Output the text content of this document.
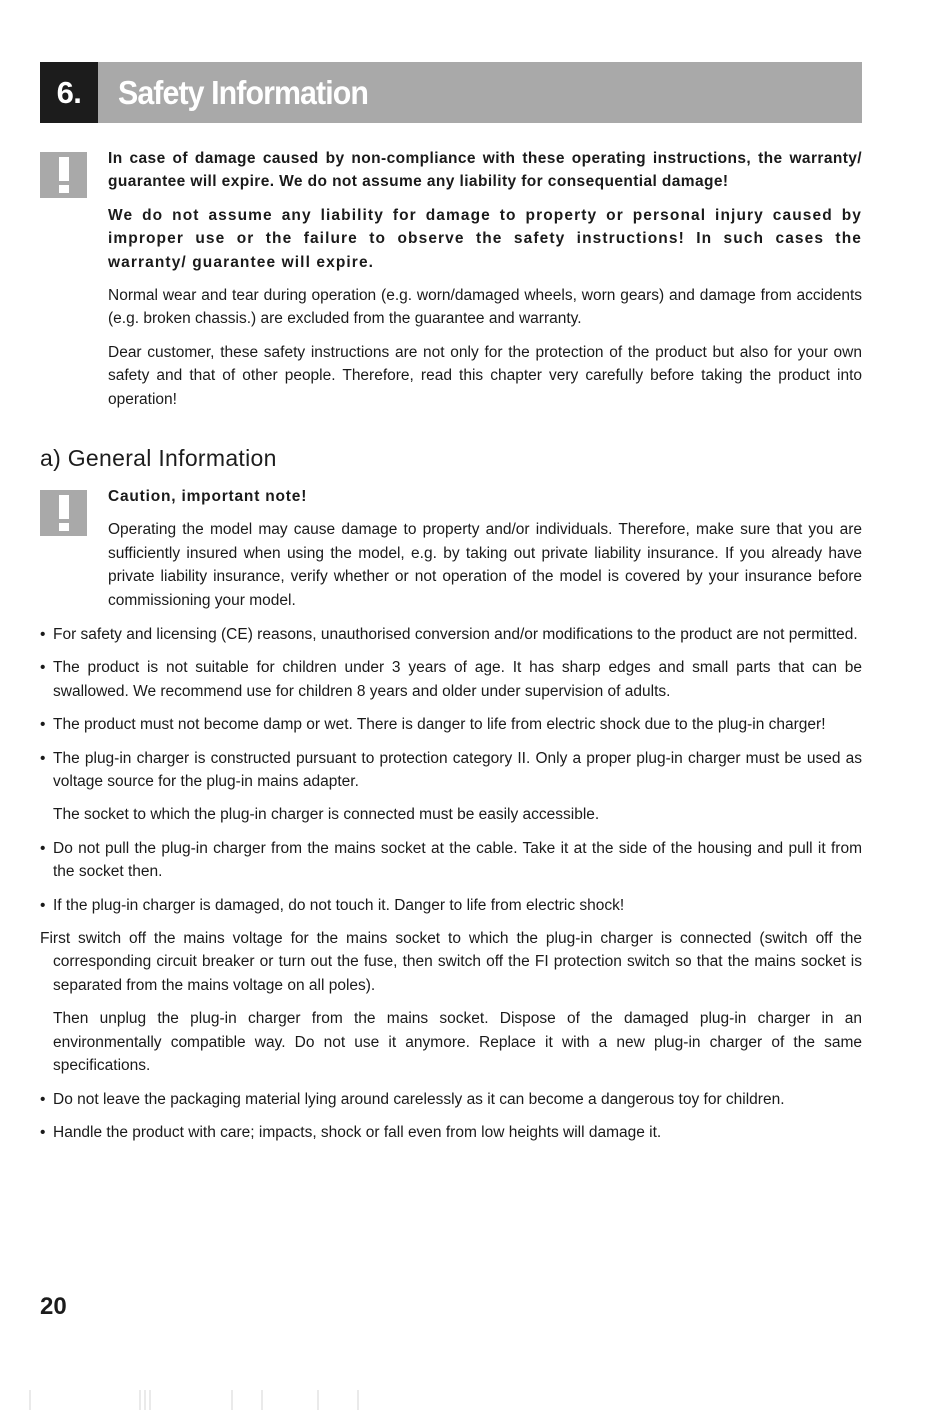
6.	Safety Information

In case of damage caused by non-compliance with these operating instructions, the warranty/ guarantee will expire. We do not assume any liability for consequential damage!

We do not assume any liability for damage to property or personal injury caused by improper use or the failure to observe the safety instructions! In such cases the warranty/ guarantee will expire.

Normal wear and tear during operation (e.g. worn/damaged wheels, worn gears) and damage from accidents (e.g. broken chassis.) are excluded from the guarantee and warranty.

Dear customer, these safety instructions are not only for the protection of the product but also for your own safety and that of other people. Therefore, read this chapter very carefully before taking the product into operation!

a) General Information

Caution, important note!

Operating the model may cause damage to property and/or individuals. Therefore, make sure that you are sufficiently insured when using the model, e.g. by taking out private liability insurance. If you already have private liability insurance, verify whether or not operation of the model is covered by your insurance before commissioning your model.

• For safety and licensing (CE) reasons, unauthorised conversion and/or modifications to the product are not permitted.
• The product is not suitable for children under 3 years of age. It has sharp edges and small parts that can be swallowed. We recommend use for children 8 years and older under supervision of adults.
• The product must not become damp or wet. There is danger to life from electric shock due to the plug-in charger!
• The plug-in charger is constructed pursuant to protection category II. Only a proper plug-in charger must be used as voltage source for the plug-in mains adapter.
The socket to which the plug-in charger is connected must be easily accessible.
• Do not pull the plug-in charger from the mains socket at the cable. Take it at the side of the housing and pull it from the socket then.
• If the plug-in charger is damaged, do not touch it. Danger to life from electric shock!
First switch off the mains voltage for the mains socket to which the plug-in charger is connected (switch off the corresponding circuit breaker or turn out the fuse, then switch off the FI protection switch so that the mains socket is separated from the mains voltage on all poles).
Then unplug the plug-in charger from the mains socket. Dispose of the damaged plug-in charger in an environmentally compatible way. Do not use it anymore. Replace it with a new plug-in charger of the same specifications.
• Do not leave the packaging material lying around carelessly as it can become a dangerous toy for children.
• Handle the product with care; impacts, shock or fall even from low heights will damage it.
20
